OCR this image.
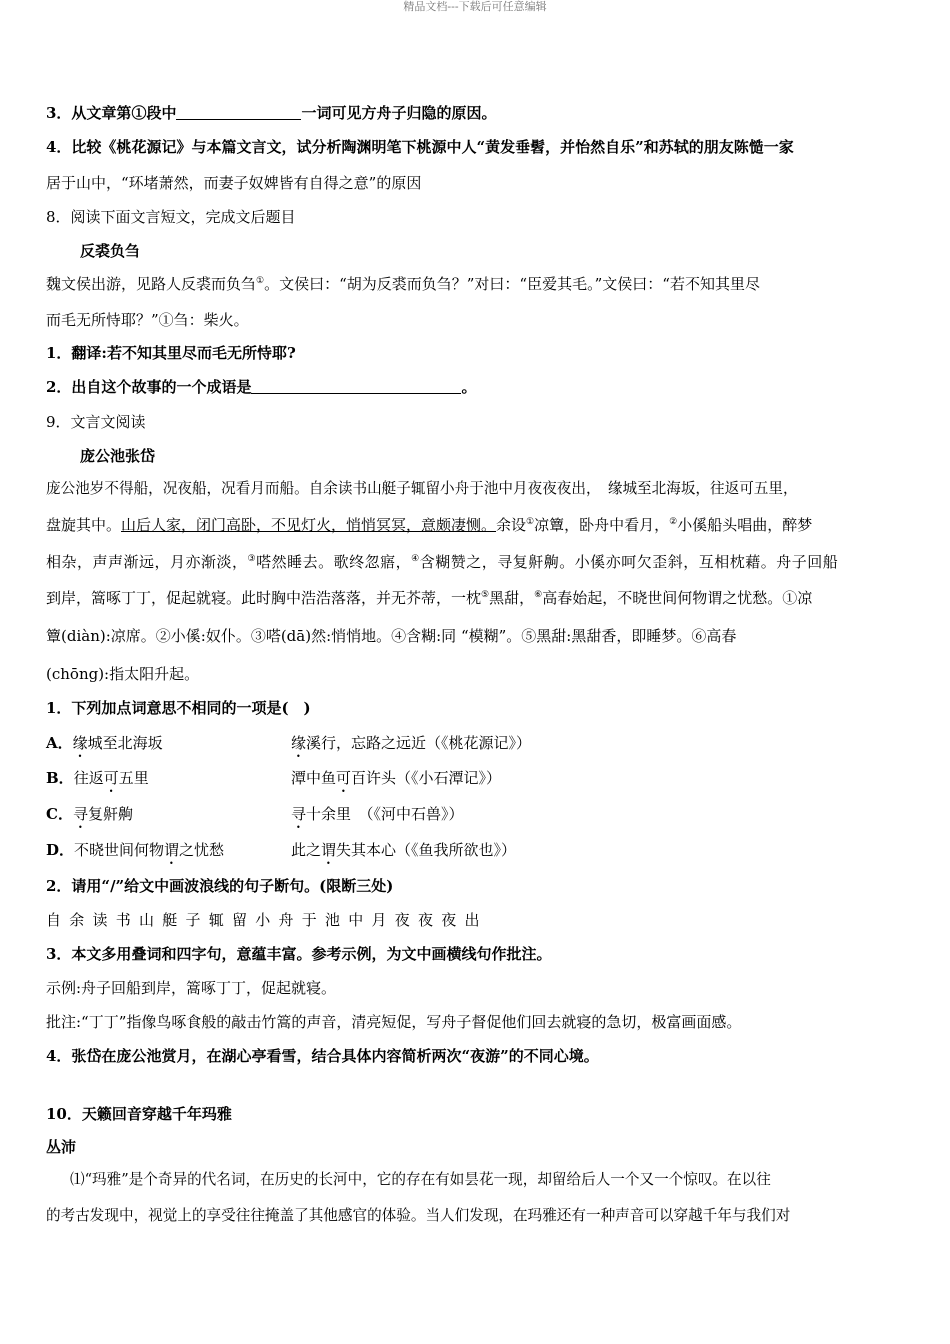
精品文档---下载后可任意编辑

3．从文章第①段中	一词可见方舟子归隐的原因。

4．比较《桃花源记》与本篇文言文，试分析陶渊明笔下桃源中人“黄发垂髫，并怡然自乐”和苏轼的朋友陈慥一家

居于山中，“环堵萧然，而妻子奴婢皆有自得之意”的原因

8．阅读下面文言短文，完成文后题目

反裘负刍

魏文侯出游，见路人反裘而负刍①。文侯曰：“胡为反裘而负刍？”对曰：“臣爱其毛。”文侯曰：“若不知其里尽

而毛无所恃耶？”①刍：柴火。

1．翻译:若不知其里尽而毛无所恃耶?

2．出自这个故事的一个成语是	。

9．文言文阅读

庞公池张岱

庞公池岁不得船，况夜船，况看月而船。自余读书山艇子辄留小舟于池中月夜夜夜出，　缘城至北海坂，往返可五里，

盘旋其中。山后人家，闭门高卧，不见灯火，悄悄冥冥，意颇凄恻。余设①凉簟，卧舟中看月，②小傒船头唱曲，醉梦

相杂，声声渐远，月亦渐淡，③嗒然睡去。歌终忽寤，④含糊赞之，寻复鼾齁。小傒亦呵欠歪斜，互相枕藉。舟子回船

到岸，篙啄丁丁，促起就寝。此时胸中浩浩落落，并无芥蒂，一枕⑤黑甜，⑥高春始起，不晓世间何物谓之忧愁。①凉

簟(diàn):凉席。②小傒:奴仆。③嗒(dā)然:悄悄地。④含糊:同 “模糊”。⑤黑甜:黑甜香，即睡梦。⑥高春

(chōng):指太阳升起。

1．下列加点词意思不相同的一项是(　)

A．缘城至北海坂	缘溪行，忘路之远近（《桃花源记》）
B．往返可五里	潭中鱼可百许头（《小石潭记》）
C．寻复鼾齁	寻十余里　（《河中石兽》）
D．不晓世间何物谓之忧愁	此之谓失其本心（《鱼我所欲也》）

2．请用“/”给文中画波浪线的句子断句。(限断三处)

自余读书山艇子辄留小舟于池中月夜夜夜出

3．本文多用叠词和四字句，意蕴丰富。参考示例，为文中画横线句作批注。

示例:舟子回船到岸，篙啄丁丁，促起就寝。

批注:“丁丁”指像鸟啄食般的敲击竹篙的声音，清亮短促，写舟子督促他们回去就寝的急切，极富画面感。

4．张岱在庞公池赏月，在湖心亭看雪，结合具体内容简析两次“夜游”的不同心境。

10．天籁回音穿越千年玛雅

丛沛

⑴“玛雅”是个奇异的代名词，在历史的长河中，它的存在有如昙花一现，却留给后人一个又一个惊叹。在以往

的考古发现中，视觉上的享受往往掩盖了其他感官的体验。当人们发现，在玛雅还有一种声音可以穿越千年与我们对
